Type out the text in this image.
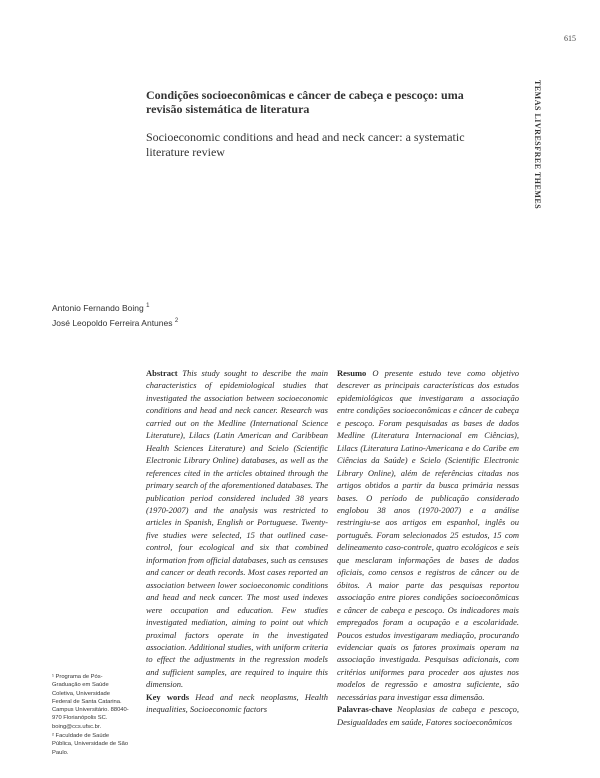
615
TEMAS LIVRESFREE THEMES
Condições socioeconômicas e câncer de cabeça e pescoço: uma revisão sistemática de literatura
Socioeconomic conditions and head and neck cancer: a systematic literature review
Antonio Fernando Boing $^1$
José Leopoldo Ferreira Antunes $^2$
¹ Programa de Pós-Graduação em Saúde Coletiva, Universidade Federal de Santa Catarina. Campus Universitário. 88040-970 Florianópolis SC. boing@ccs.ufsc.br.
² Faculdade de Saúde Pública, Universidade de São Paulo.
Abstract This study sought to describe the main characteristics of epidemiological studies that investigated the association between socioeconomic conditions and head and neck cancer. Research was carried out on the Medline (International Science Literature), Lilacs (Latin American and Caribbean Health Sciences Literature) and Scielo (Scientific Electronic Library Online) databases, as well as the references cited in the articles obtained through the primary search of the aforementioned databases. The publication period considered included 38 years (1970-2007) and the analysis was restricted to articles in Spanish, English or Portuguese. Twenty-five studies were selected, 15 that outlined case-control, four ecological and six that combined information from official databases, such as censuses and cancer or death records. Most cases reported an association between lower socioeconomic conditions and head and neck cancer. The most used indexes were occupation and education. Few studies investigated mediation, aiming to point out which proximal factors operate in the investigated association. Additional studies, with uniform criteria to effect the adjustments in the regression models and sufficient samples, are required to inquire this dimension.
Key words Head and neck neoplasms, Health inequalities, Socioeconomic factors
Resumo O presente estudo teve como objetivo descrever as principais características dos estudos epidemiológicos que investigaram a associação entre condições socioeconômicas e câncer de cabeça e pescoço. Foram pesquisadas as bases de dados Medline (Literatura Internacional em Ciências), Lilacs (Literatura Latino-Americana e do Caribe em Ciências da Saúde) e Scielo (Scientific Electronic Library Online), além de referências citadas nos artigos obtidos a partir da busca primária nessas bases. O período de publicação considerado englobou 38 anos (1970-2007) e a análise restringiu-se aos artigos em espanhol, inglês ou português. Foram selecionados 25 estudos, 15 com delineamento caso-controle, quatro ecológicos e seis que mesclaram informações de bases de dados oficiais, como censos e registros de câncer ou de óbitos. A maior parte das pesquisas reportou associação entre piores condições socioeconômicas e câncer de cabeça e pescoço. Os indicadores mais empregados foram a ocupação e a escolaridade. Poucos estudos investigaram mediação, procurando evidenciar quais os fatores proximais operam na associação investigada. Pesquisas adicionais, com critérios uniformes para proceder aos ajustes nos modelos de regressão e amostra suficiente, são necessárias para investigar essa dimensão.
Palavras-chave Neoplasias de cabeça e pescoço, Desigualdades em saúde, Fatores socioeconômicos
